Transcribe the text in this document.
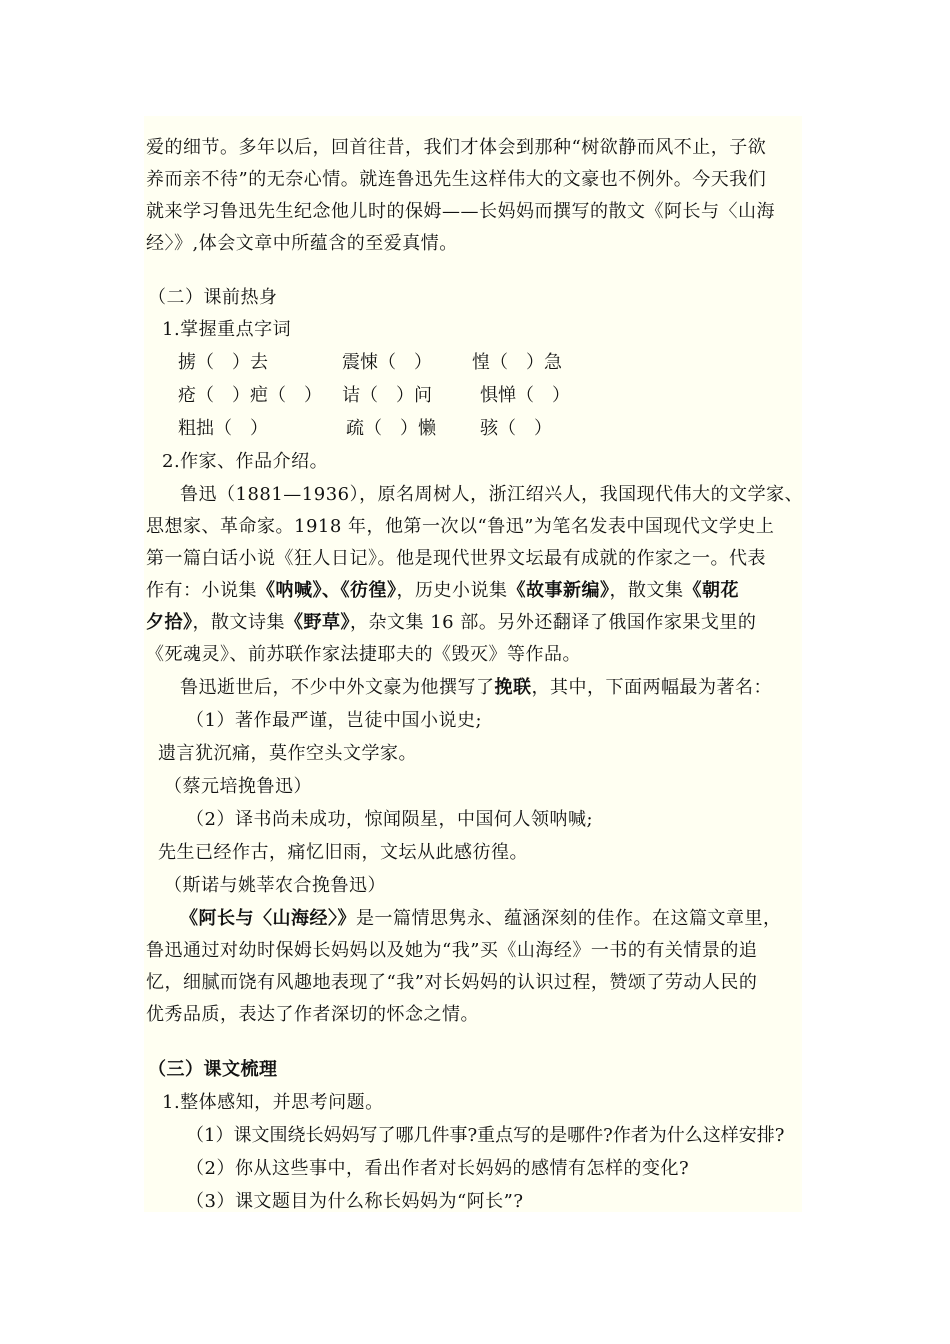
爱的细节。多年以后，回首往昔，我们才体会到那种“树欲静而风不止，子欲
养而亲不待”的无奈心情。就连鲁迅先生这样伟大的文豪也不例外。今天我们
就来学习鲁迅先生纪念他儿时的保姆——长妈妈而撰写的散文《阿长与〈山海
经〉》,体会文章中所蕴含的至爱真情。
（二）课前热身
1.掌握重点字词
掳（　）去	震悚（　） 惶（　）急
疮（　）疤（　） 诘（　）问	惧惮（　）
粗拙（　）	疏（　）懒 骇（　）
2.作家、作品介绍。
鲁迅（1881—1936），原名周树人，浙江绍兴人，我国现代伟大的文学家、
思想家、革命家。1918 年，他第一次以“鲁迅”为笔名发表中国现代文学史上
第一篇白话小说《狂人日记》。他是现代世界文坛最有成就的作家之一。代表
作有：小说集《呐喊》、《彷徨》，历史小说集《故事新编》，散文集《朝花
夕拾》，散文诗集《野草》，杂文集 16 部。另外还翻译了俄国作家果戈里的
《死魂灵》、前苏联作家法捷耶夫的《毁灭》等作品。
鲁迅逝世后，不少中外文豪为他撰写了挽联，其中，下面两幅最为著名：
（1）著作最严谨，岂徒中国小说史;
遗言犹沉痛，莫作空头文学家。
（蔡元培挽鲁迅）
（2）译书尚未成功，惊闻陨星，中国何人领呐喊;
先生已经作古，痛忆旧雨，文坛从此感彷徨。
（斯诺与姚莘农合挽鲁迅）
《阿长与〈山海经〉》是一篇情思隽永、蕴涵深刻的佳作。在这篇文章里，
鲁迅通过对幼时保姆长妈妈以及她为“我”买《山海经》一书的有关情景的追
忆，细腻而饶有风趣地表现了“我”对长妈妈的认识过程，赞颂了劳动人民的
优秀品质，表达了作者深切的怀念之情。
（三）课文梳理
1.整体感知，并思考问题。
（1）课文围绕长妈妈写了哪几件事?重点写的是哪件?作者为什么这样安排?
（2）你从这些事中，看出作者对长妈妈的感情有怎样的变化?
（3）课文题目为什么称长妈妈为“阿长”?
